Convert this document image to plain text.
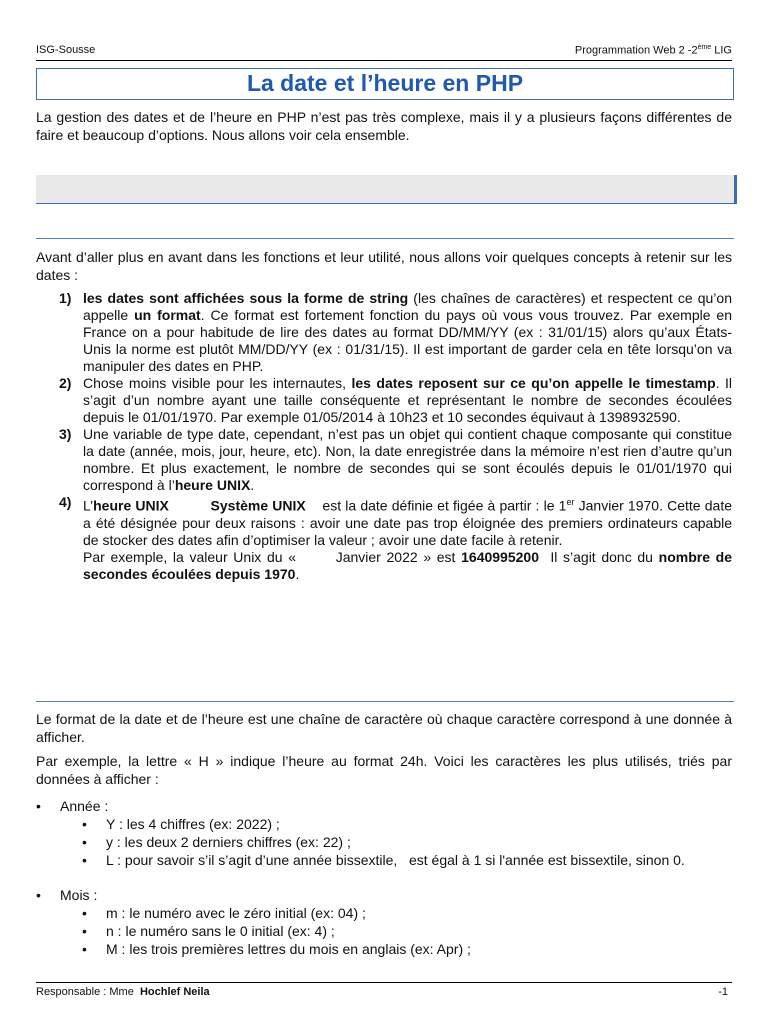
ISG-Sousse	Programmation Web 2 -2ème LIG
La date et l’heure en PHP
La gestion des dates et de l’heure en PHP n’est pas très complexe, mais il y a plusieurs façons différentes de faire et beaucoup d’options. Nous allons voir cela ensemble.
Avant d’aller plus en avant dans les fonctions et leur utilité, nous allons voir quelques concepts à retenir sur les dates :
1) les dates sont affichées sous la forme de string (les chaînes de caractères) et respectent ce qu’on appelle un format. Ce format est fortement fonction du pays où vous vous trouvez. Par exemple en France on a pour habitude de lire des dates au format DD/MM/YY (ex : 31/01/15) alors qu’aux États-Unis la norme est plutôt MM/DD/YY (ex : 01/31/15). Il est important de garder cela en tête lorsqu’on va manipuler des dates en PHP.
2) Chose moins visible pour les internautes, les dates reposent sur ce qu’on appelle le timestamp. Il s’agit d’un nombre ayant une taille conséquente et représentant le nombre de secondes écoulées depuis le 01/01/1970. Par exemple 01/05/2014 à 10h23 et 10 secondes équivaut à 1398932590.
3) Une variable de type date, cependant, n’est pas un objet qui contient chaque composante qui constitue la date (année, mois, jour, heure, etc). Non, la date enregistrée dans la mémoire n’est rien d’autre qu’un nombre. Et plus exactement, le nombre de secondes qui se sont écoulés depuis le 01/01/1970 qui correspond à l’heure UNIX.
4) L’heure UNIX	Système UNIX    est la date définie et figée à partir : le 1er Janvier 1970. Cette date a été désignée pour deux raisons : avoir une date pas trop éloignée des premiers ordinateurs capable de stocker des dates afin d’optimiser la valeur ; avoir une date facile à retenir.
Par exemple, la valeur Unix du «       Janvier 2022 » est 1640995200  Il s’agit donc du nombre de secondes écoulées depuis 1970.
Le format de la date et de l’heure est une chaîne de caractère où chaque caractère correspond à une donnée à afficher.
Par exemple, la lettre « H » indique l’heure au format 24h. Voici les caractères les plus utilisés, triés par données à afficher :
• Année :
• Y : les 4 chiffres (ex: 2022) ;
• y : les deux 2 derniers chiffres (ex: 22) ;
• L : pour savoir s’il s’agit d’une année bissextile,   est égal à 1 si l'année est bissextile, sinon 0.
• Mois :
• m : le numéro avec le zéro initial (ex: 04) ;
• n : le numéro sans le 0 initial (ex: 4) ;
• M : les trois premières lettres du mois en anglais (ex: Apr) ;
Responsable : Mme  Hochlef Neila	-1
